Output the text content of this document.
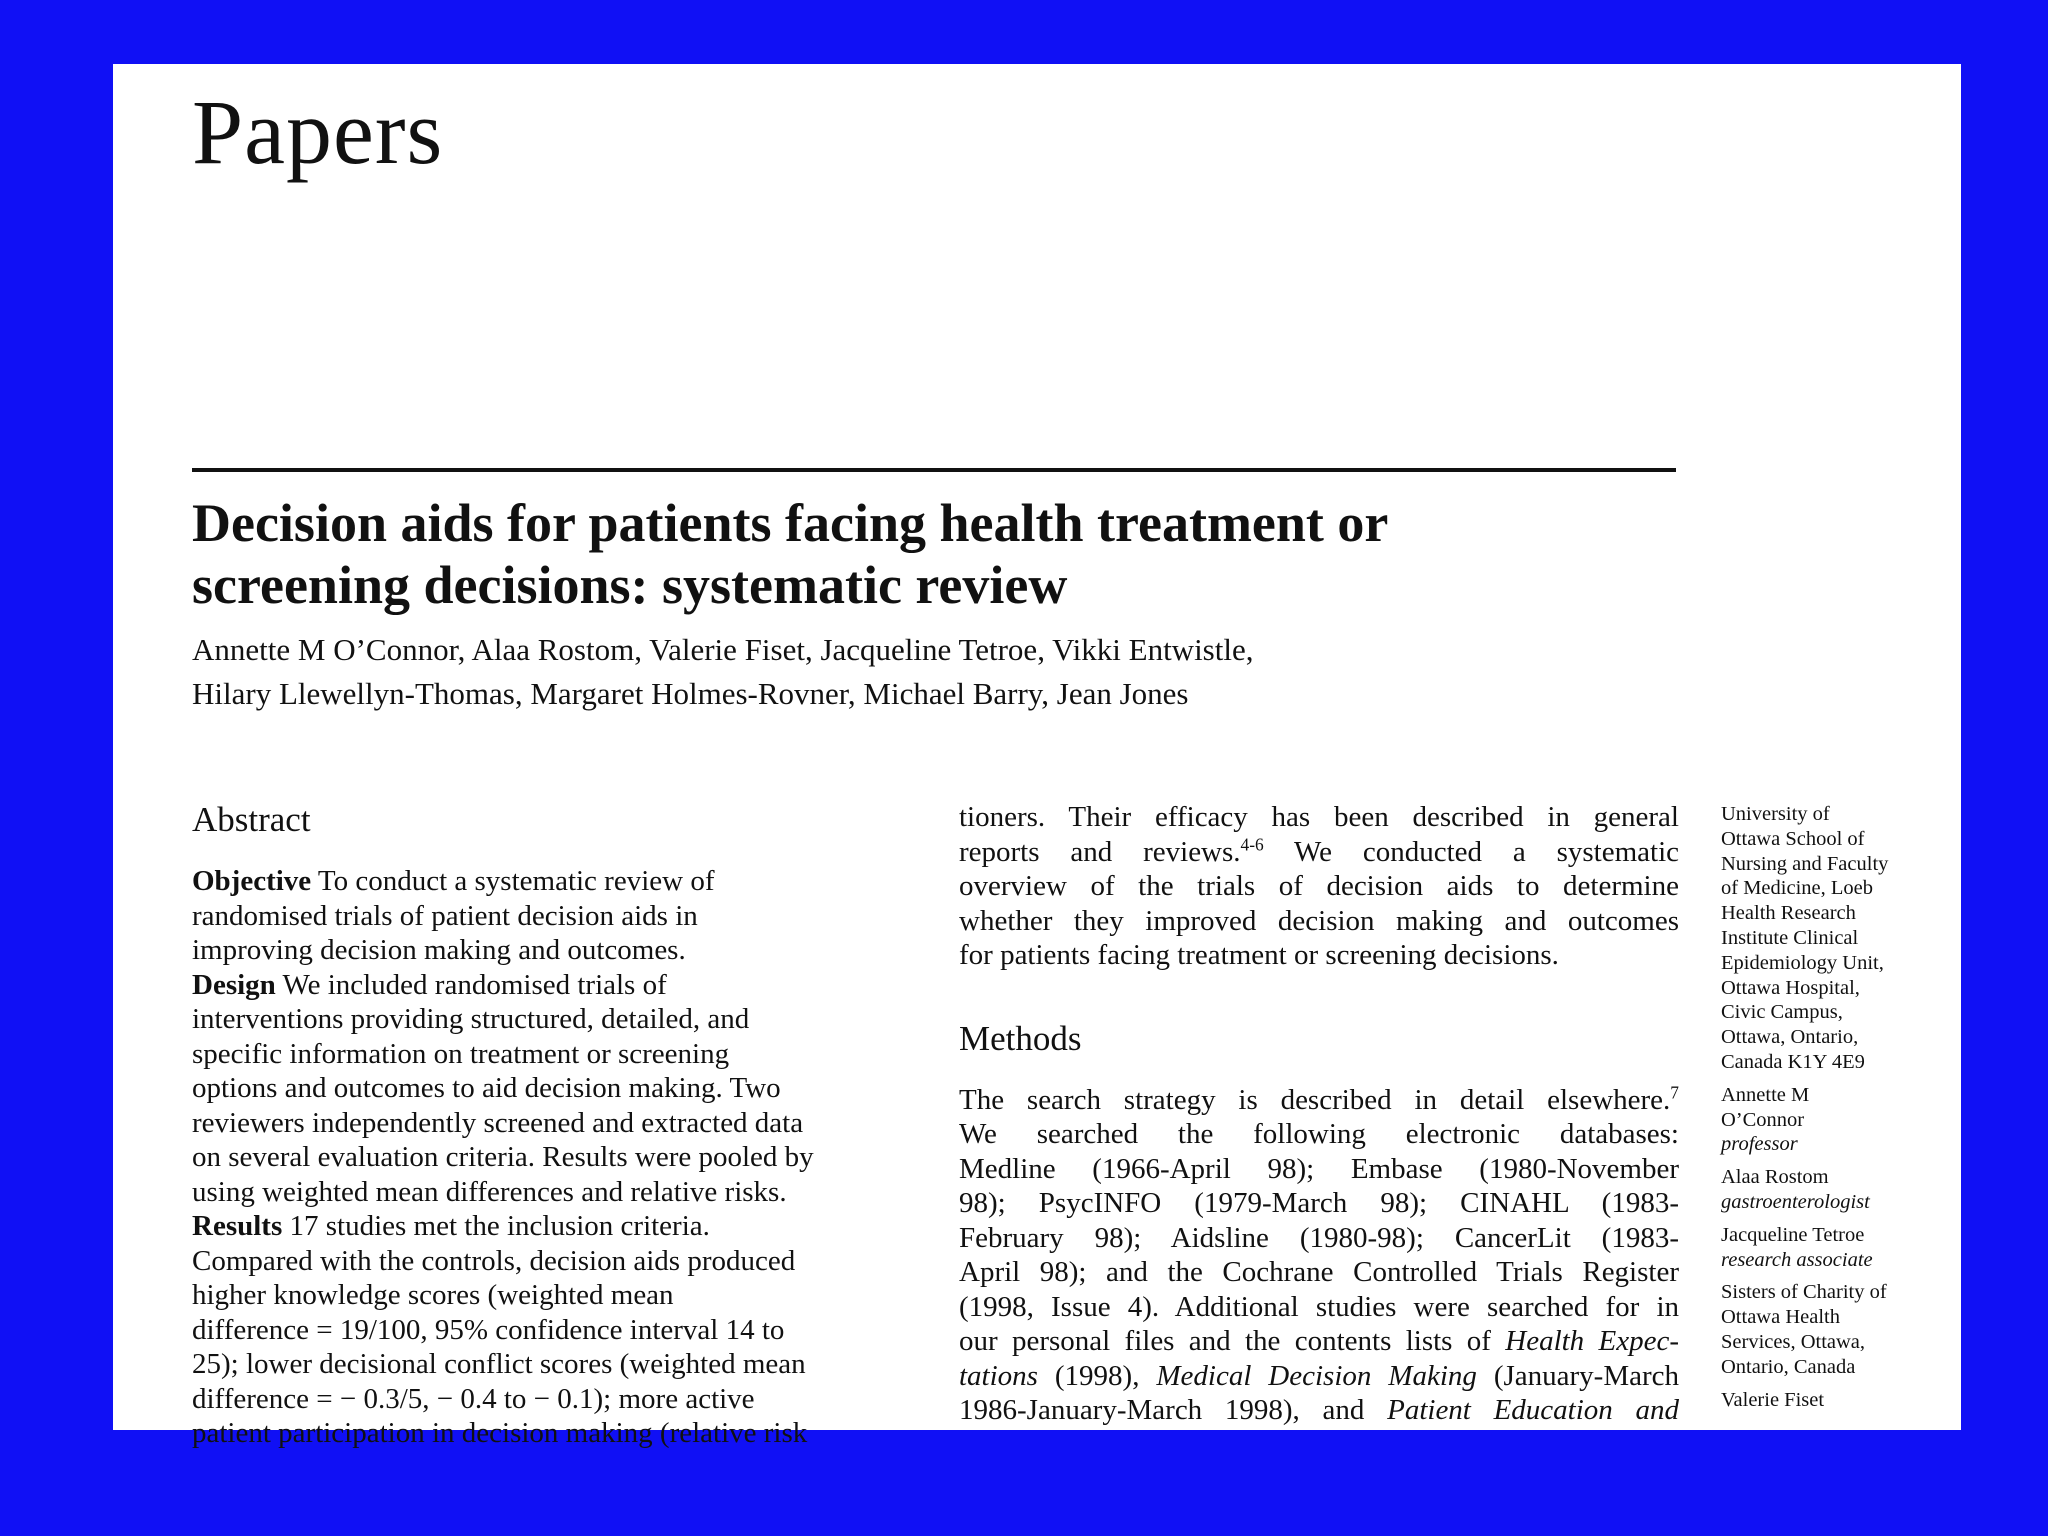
Papers
Decision aids for patients facing health treatment or
screening decisions: systematic review
Annette M O’Connor, Alaa Rostom, Valerie Fiset, Jacqueline Tetroe, Vikki Entwistle,
Hilary Llewellyn-Thomas, Margaret Holmes-Rovner, Michael Barry, Jean Jones
Abstract
Objective To conduct a systematic review of
randomised trials of patient decision aids in
improving decision making and outcomes.
Design We included randomised trials of
interventions providing structured, detailed, and
specific information on treatment or screening
options and outcomes to aid decision making. Two
reviewers independently screened and extracted data
on several evaluation criteria. Results were pooled by
using weighted mean differences and relative risks.
Results 17 studies met the inclusion criteria.
Compared with the controls, decision aids produced
higher knowledge scores (weighted mean
difference = 19/100, 95% confidence interval 14 to
25); lower decisional conflict scores (weighted mean
difference = − 0.3/5, − 0.4 to − 0.1); more active
patient participation in decision making (relative risk
tioners. Their efficacy has been described in general
reports and reviews.$^{4-6}$ We conducted a systematic
overview of the trials of decision aids to determine
whether they improved decision making and outcomes
for patients facing treatment or screening decisions.
Methods
The search strategy is described in detail elsewhere.$^7$
We searched the following electronic databases:
Medline (1966-April 98); Embase (1980-November
98); PsycINFO (1979-March 98); CINAHL (1983-
February 98); Aidsline (1980-98); CancerLit (1983-
April 98); and the Cochrane Controlled Trials Register
(1998, Issue 4). Additional studies were searched for in
our personal files and the contents lists of Health Expec-
tations (1998), Medical Decision Making (January-March
1986-January-March 1998), and Patient Education and
University of
Ottawa School of
Nursing and Faculty
of Medicine, Loeb
Health Research
Institute Clinical
Epidemiology Unit,
Ottawa Hospital,
Civic Campus,
Ottawa, Ontario,
Canada K1Y 4E9
Annette M
O’Connor
professor
Alaa Rostom
gastroenterologist
Jacqueline Tetroe
research associate
Sisters of Charity of
Ottawa Health
Services, Ottawa,
Ontario, Canada
Valerie Fiset
